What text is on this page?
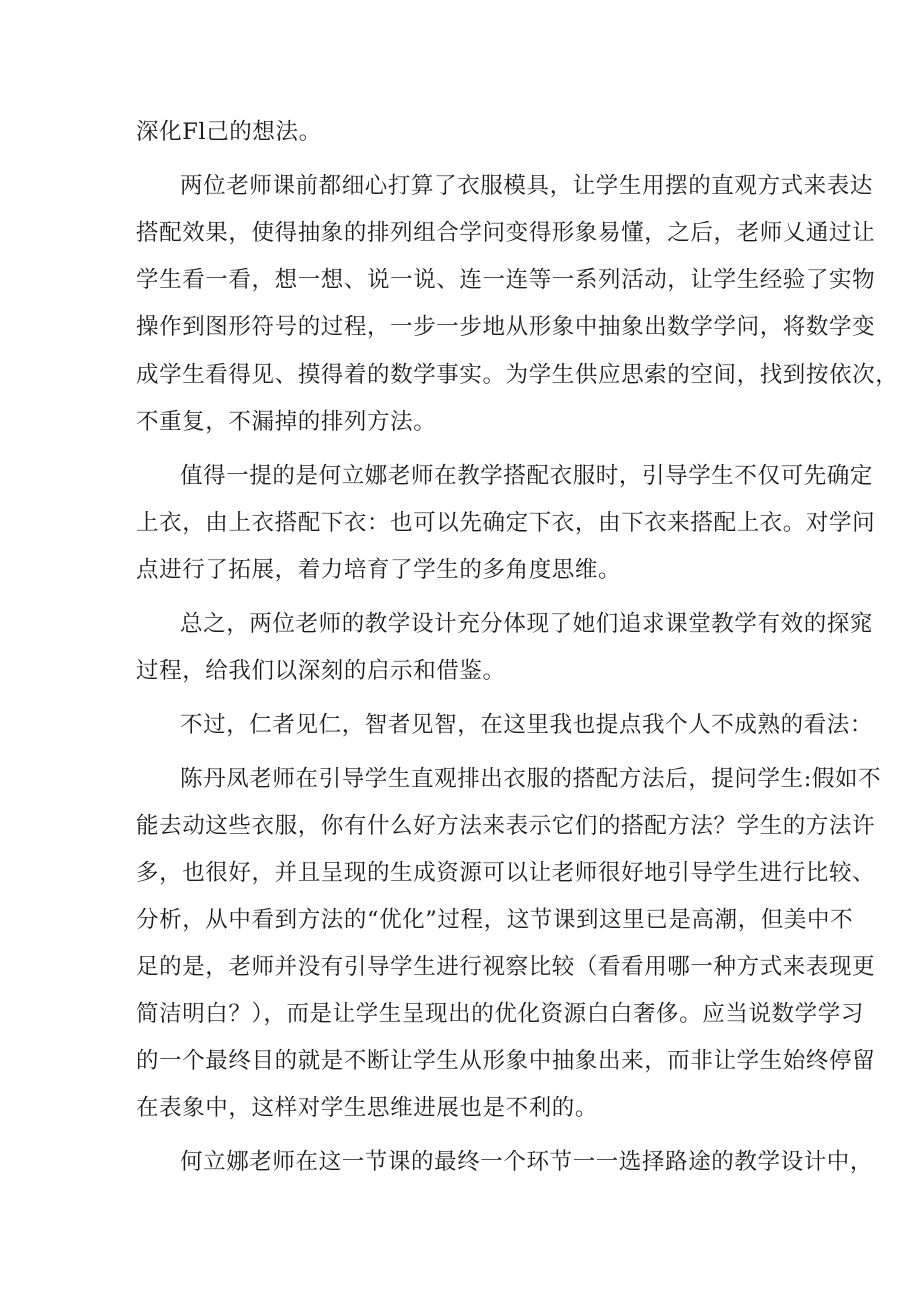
深化Fl己的想法。
两位老师课前都细心打算了衣服模具，让学生用摆的直观方式来表达
搭配效果，使得抽象的排列组合学问变得形象易懂，之后，老师乂通过让
学生看一看，想一想、说一说、连一连等一系列活动，让学生经验了实物
操作到图形符号的过程，一步一步地从形象中抽象出数学学问，将数学变
成学生看得见、摸得着的数学事实。为学生供应思索的空间，找到按依次，
不重复，不漏掉的排列方法。
值得一提的是何立娜老师在教学搭配衣服时，引导学生不仅可先确定
上衣，由上衣搭配下衣：也可以先确定下衣，由下衣来搭配上衣。对学问
点进行了拓展，着力培育了学生的多角度思维。
总之，两位老师的教学设计充分体现了她们追求课堂教学有效的探窕
过程，给我们以深刻的启示和借鉴。
不过，仁者见仁，智者见智，在这里我也提点我个人不成熟的看法：
陈丹凤老师在引导学生直观排出衣服的搭配方法后，提问学生:假如不
能去动这些衣服，你有什么好方法来表示它们的搭配方法？学生的方法许
多，也很好，并且呈现的生成资源可以让老师很好地引导学生进行比较、
分析，从中看到方法的“优化”过程，这节课到这里已是高潮，但美中不
足的是，老师并没有引导学生进行视察比较（看看用哪一种方式来表现更
简洁明白？），而是让学生呈现出的优化资源白白奢侈。应当说数学学习
的一个最终目的就是不断让学生从形象中抽象出来，而非让学生始终停留
在表象中，这样对学生思维进展也是不利的。
何立娜老师在这一节课的最终一个环节一一选择路途的教学设计中，
